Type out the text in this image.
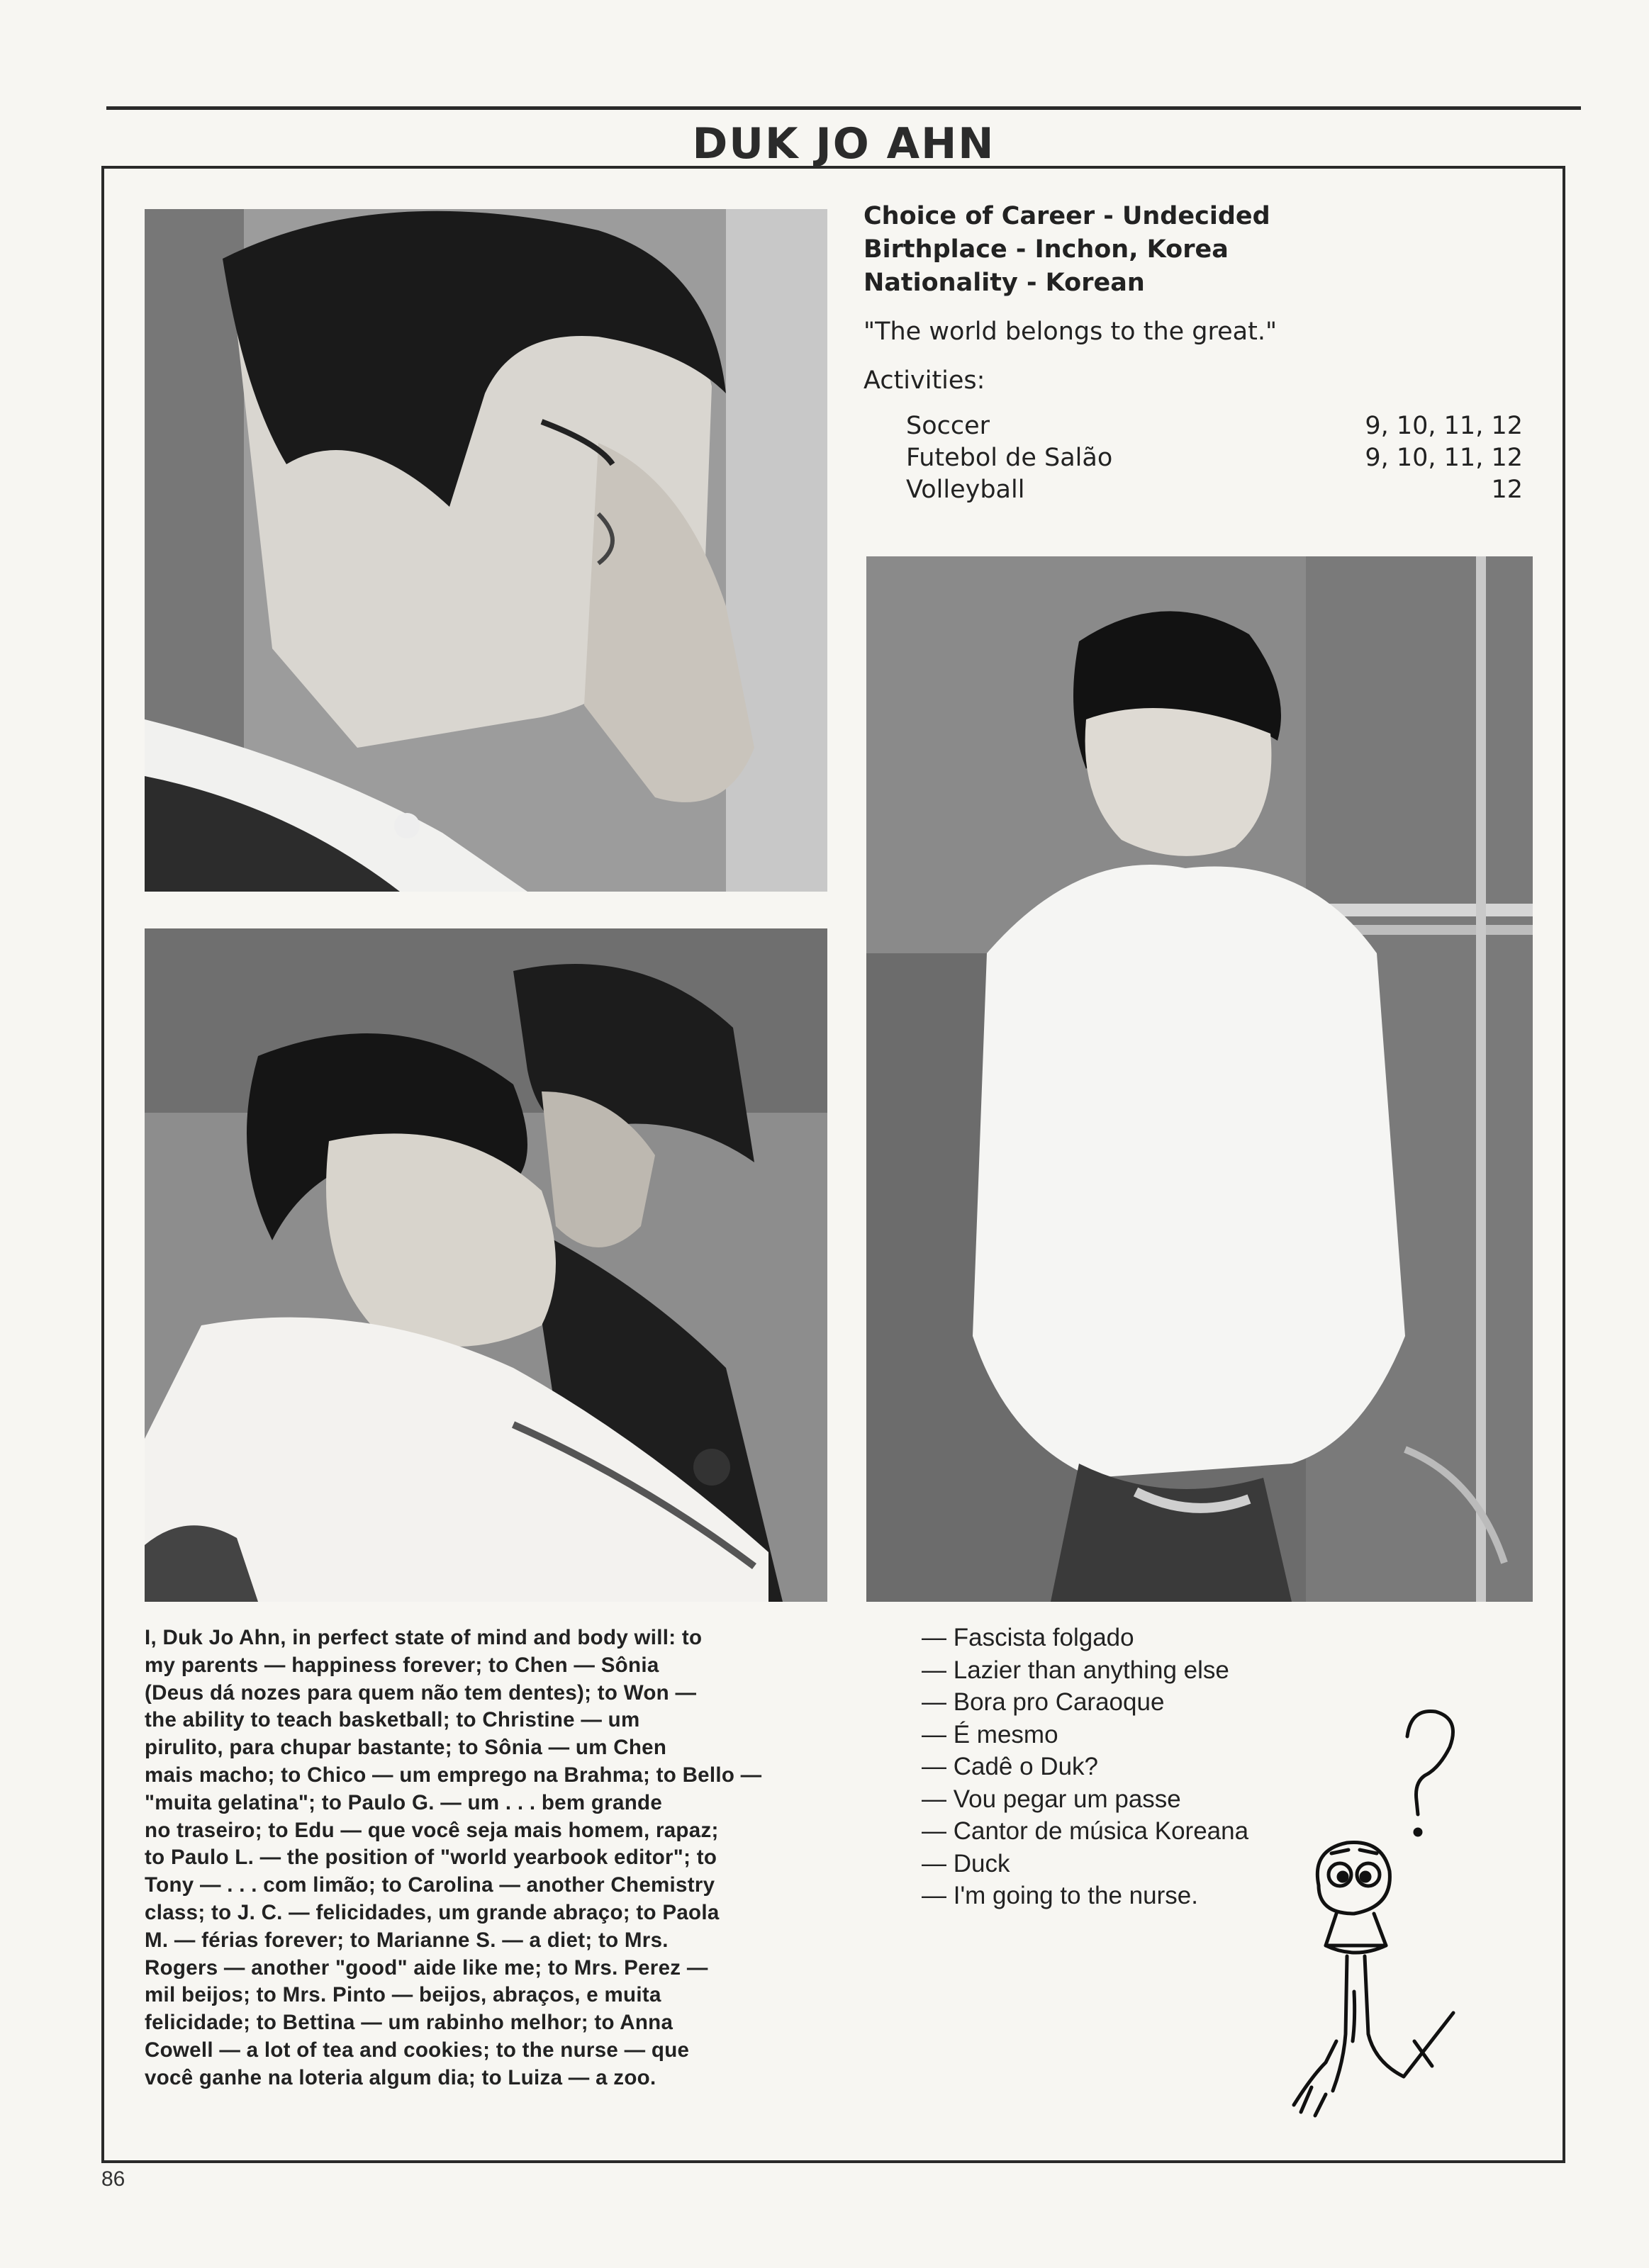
DUK JO AHN
Choice of Career - Undecided
Birthplace - Inchon, Korea
Nationality - Korean
"The world belongs to the great."
Activities:
Soccer	9, 10, 11, 12
Futebol de Salão	9, 10, 11, 12
Volleyball	12
I, Duk Jo Ahn, in perfect state of mind and body will: to
my parents — happiness forever; to Chen — Sônia
(Deus dá nozes para quem não tem dentes); to Won —
the ability to teach basketball; to Christine — um
pirulito, para chupar bastante; to Sônia — um Chen
mais macho; to Chico — um emprego na Brahma; to Bello —
"muita gelatina"; to Paulo G. — um . . . bem grande
no traseiro; to Edu — que você seja mais homem, rapaz;
to Paulo L. — the position of "world yearbook editor"; to
Tony — . . . com limão; to Carolina — another Chemistry
class; to J. C. — felicidades, um grande abraço; to Paola
M. — férias forever; to Marianne S. — a diet; to Mrs.
Rogers — another "good" aide like me; to Mrs. Perez —
mil beijos; to Mrs. Pinto — beijos, abraços, e muita
felicidade; to Bettina — um rabinho melhor; to Anna
Cowell — a lot of tea and cookies; to the nurse — que
você ganhe na loteria algum dia; to Luiza — a zoo.
— Fascista folgado
— Lazier than anything else
— Bora pro Caraoque
— É mesmo
— Cadê o Duk?
— Vou pegar um passe
— Cantor de música Koreana
— Duck
— I'm going to the nurse.
86
